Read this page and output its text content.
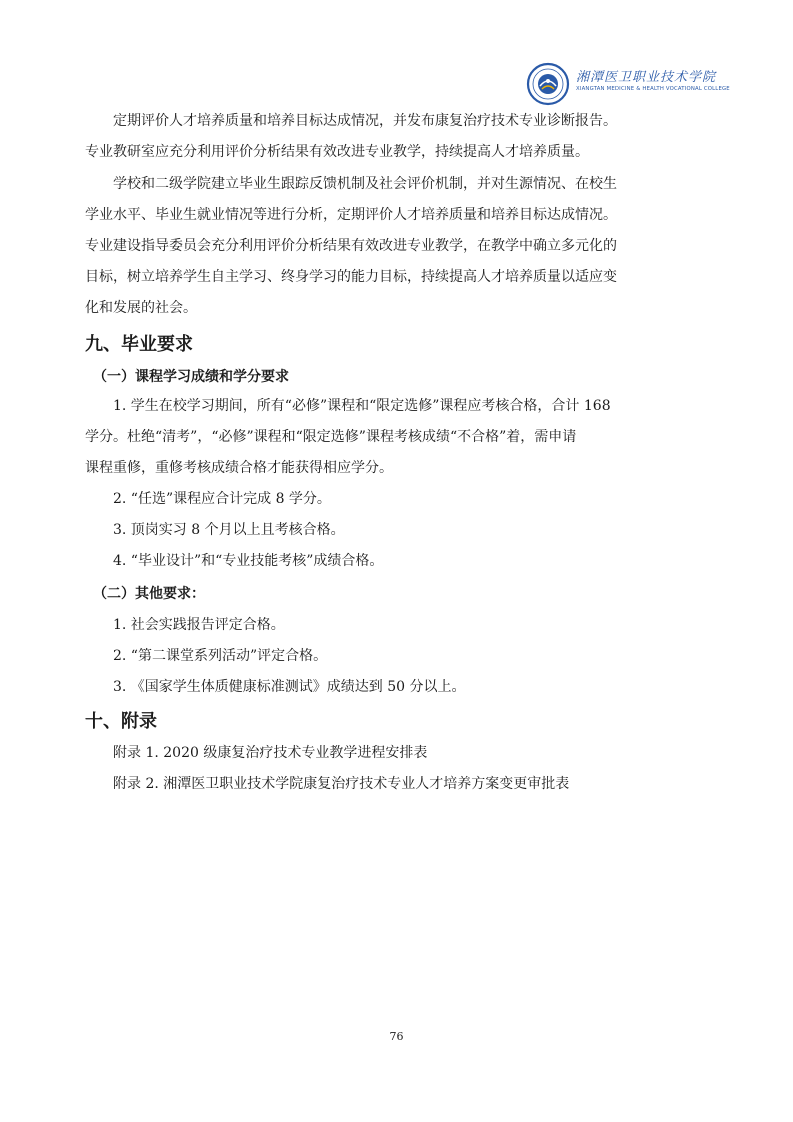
湘潭医卫职业技术学院
XIANGTAN MEDICINE & HEALTH VOCATIONAL COLLEGE
定期评价人才培养质量和培养目标达成情况，并发布康复治疗技术专业诊断报告。
专业教研室应充分利用评价分析结果有效改进专业教学，持续提高人才培养质量。
学校和二级学院建立毕业生跟踪反馈机制及社会评价机制，并对生源情况、在校生
学业水平、毕业生就业情况等进行分析，定期评价人才培养质量和培养目标达成情况。
专业建设指导委员会充分利用评价分析结果有效改进专业教学，在教学中确立多元化的
目标，树立培养学生自主学习、终身学习的能力目标，持续提高人才培养质量以适应变
化和发展的社会。
九、毕业要求
（一）课程学习成绩和学分要求
1. 学生在校学习期间，所有“必修”课程和“限定选修”课程应考核合格，合计 168
学分。杜绝“清考”，“必修”课程和“限定选修”课程考核成绩“不合格”着，需申请
课程重修，重修考核成绩合格才能获得相应学分。
2. “任选”课程应合计完成 8 学分。
3. 顶岗实习 8 个月以上且考核合格。
4. “毕业设计”和“专业技能考核”成绩合格。
（二）其他要求：
1. 社会实践报告评定合格。
2. “第二课堂系列活动”评定合格。
3. 《国家学生体质健康标准测试》成绩达到 50 分以上。
十、附录
附录 1. 2020 级康复治疗技术专业教学进程安排表
附录 2. 湘潭医卫职业技术学院康复治疗技术专业人才培养方案变更审批表
76
